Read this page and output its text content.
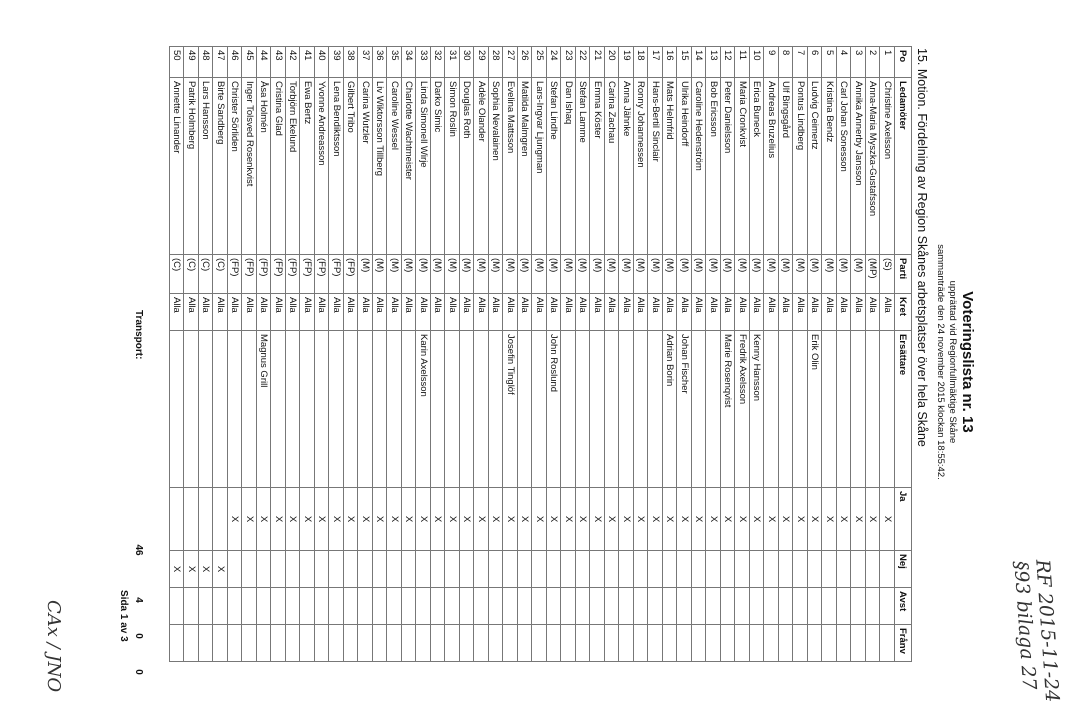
RF 2015-11-24 §93 bilaga 27
Voteringslista nr. 13
upprättad vid Regionfullmäktige Skåne
sammanträde den 24 november 2015 klockan 18:55:42.
15. Motion. Fördelning av Region Skånes arbetsplatser över hela Skåne
Po	Ledamöter	Parti	Kret	Ersättare	Ja	Nej	Avst	Frånv
1	Christine Axelsson	(S)	Alla		X			
2	Anna-Maria Myszka-Gustafsson	(MP)	Alla		X			
3	Annika Annerby Jansson	(M)	Alla		X			
4	Carl Johan Sonesson	(M)	Alla		X			
5	Kristina Bendz	(M)	Alla		X			
6	Ludvig Ceimertz	(M)	Alla	Erik Olin	X			
7	Pontus Lindberg	(M)	Alla		X			
8	Ulf Bingsgård	(M)	Alla		X			
9	Andreas Bruzelius	(M)	Alla		X			
10	Erica Buneck	(M)	Alla	Kenny Hansson	X			
11	Maria Cronkvist	(M)	Alla	Fredrik Axelsson	X			
12	Peter Danielsson	(M)	Alla	Marie Rosenqvist	X			
13	Bob Ericsson	(M)	Alla		X			
14	Caroline Hedenström	(M)	Alla		X			
15	Ulrika Heindorff	(M)	Alla	Johan Fischer	X			
16	Mats Helmfrid	(M)	Alla	Adrian Borin	X			
17	Hans-Bertil Sinclair	(M)	Alla		X			
18	Ronny Johannessen	(M)	Alla		X			
19	Anna Jähnke	(M)	Alla		X			
20	Carina Zachau	(M)	Alla		X			
21	Emma Köster	(M)	Alla		X			
22	Stefan Lamme	(M)	Alla		X			
23	Dan Ishaq	(M)	Alla		X			
24	Stefan Lindhe	(M)	Alla	John Roslund	X			
25	Lars-Ingvar Ljungman	(M)	Alla		X			
26	Matilda Malmgren	(M)	Alla		X			
27	Evelina Mattsson	(M)	Alla	Josefin Tinglöf	X			
28	Sophia Nevalainen	(M)	Alla		X			
29	Adèle Olander	(M)	Alla		X			
30	Douglas Roth	(M)	Alla		X			
31	Simon Roslin	(M)	Alla		X			
32	Darko Simic	(M)	Alla		X			
33	Linda Simonell Wirje	(M)	Alla	Karin Axelsson	X			
34	Charlotte Wachtmeister	(M)	Alla		X			
35	Caroline Wessel	(M)	Alla		X			
36	Liv Wiktorsson Tillberg	(M)	Alla		X			
37	Carina Wutzler	(M)	Alla		X			
38	Gilbert Tribo	(FP)	Alla		X			
39	Lena Bendiktsson	(FP)	Alla		X			
40	Yvonne Andreasson	(FP)	Alla		X			
41	Ewa Bertz	(FP)	Alla		X			
42	Torbjörn Ekelund	(FP)	Alla		X			
43	Cristina Glad	(FP)	Alla		X			
44	Åsa Holmén	(FP)	Alla	Magnus Grill	X			
45	Inger Tolsved Rosenkvist	(FP)	Alla		X			
46	Christer Sörliden	(FP)	Alla		X			
47	Birte Sandberg	(C)	Alla			X		
48	Lars Hansson	(C)	Alla			X		
49	Patrik Holmberg	(C)	Alla			X		
50	Annette Linander	(C)	Alla			X		
Transport:
46
4
0
0
Sida 1 av 3
CAx / JNO
